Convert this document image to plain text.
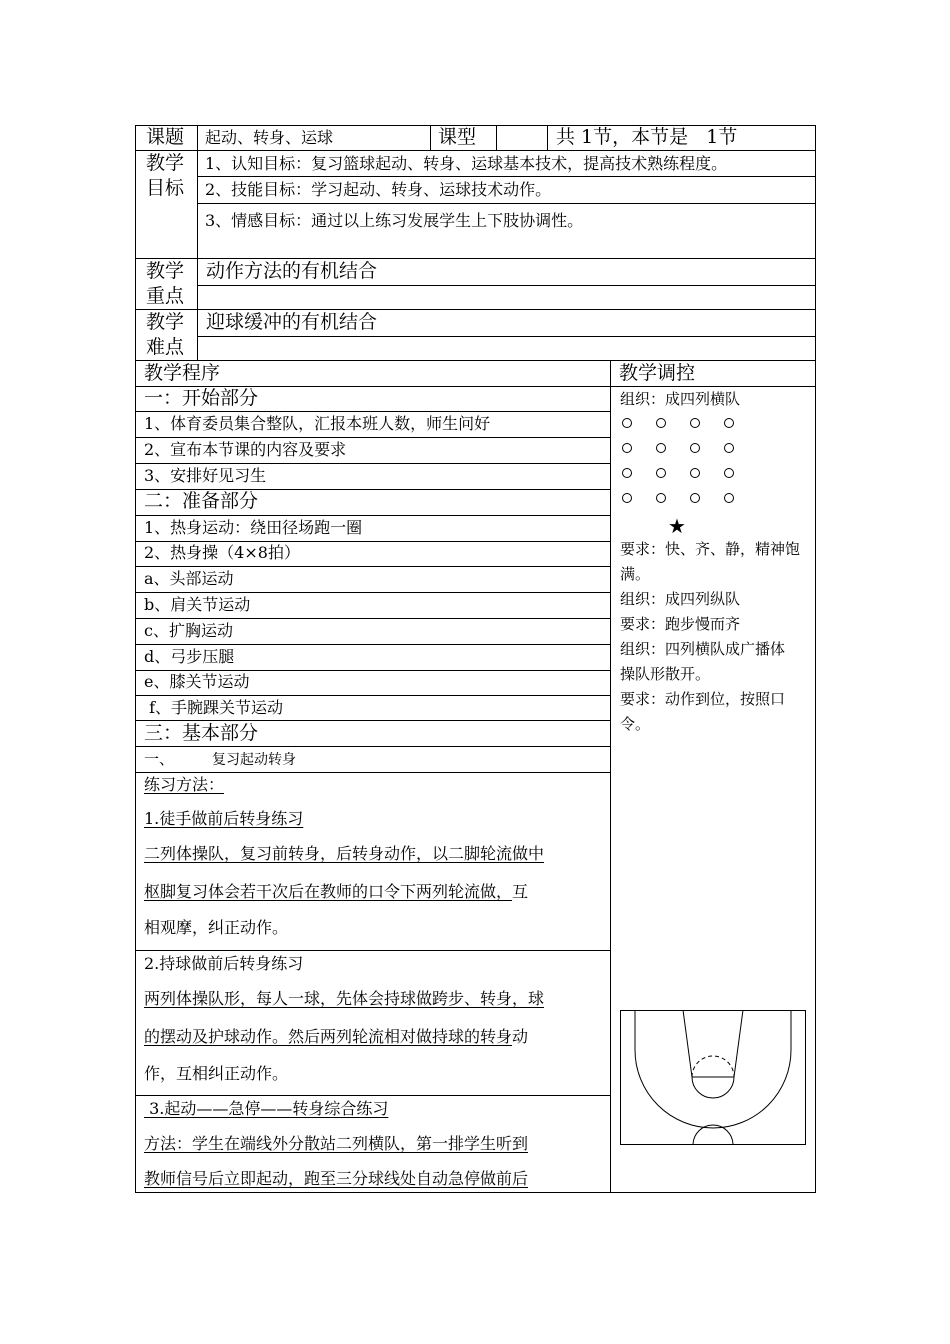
课题 起动、转身、运球	课型	共 1节，本节是   1节
教学
目标
1、认知目标：复习篮球起动、转身、运球基本技术，提高技术熟练程度。
2、技能目标：学习起动、转身、运球技术动作。
3、情感目标：通过以上练习发展学生上下肢协调性。
教学
重点
动作方法的有机结合
教学
难点
迎球缓冲的有机结合
教学程序	教学调控
一：开始部分
1、体育委员集合整队，汇报本班人数，师生问好
2、宣布本节课的内容及要求
3、安排好见习生
二：准备部分
1、热身运动：绕田径场跑一圈
2、热身操（4×8拍）
a、头部运动
b、肩关节运动
c、扩胸运动
d、弓步压腿
e、膝关节运动
f、手腕踝关节运动
三：基本部分
一、	复习起动转身
练习方法：
1.徒手做前后转身练习
二列体操队，复习前转身，后转身动作，以二脚轮流做中
枢脚复习体会若干次后在教师的口令下两列轮流做，互
相观摩，纠正动作。
2.持球做前后转身练习
两列体操队形，每人一球，先体会持球做跨步、转身，球
的摆动及护球动作。然后两列轮流相对做持球的转身动
作，互相纠正动作。
3.起动——急停——转身综合练习
方法：学生在端线外分散站二列横队，第一排学生听到
教师信号后立即起动，跑至三分球线处自动急停做前后
组织：成四列横队
★
要求：快、齐、静，精神饱
满。
组织：成四列纵队
要求：跑步慢而齐
组织：四列横队成广播体
操队形散开。
要求：动作到位，按照口
令。
